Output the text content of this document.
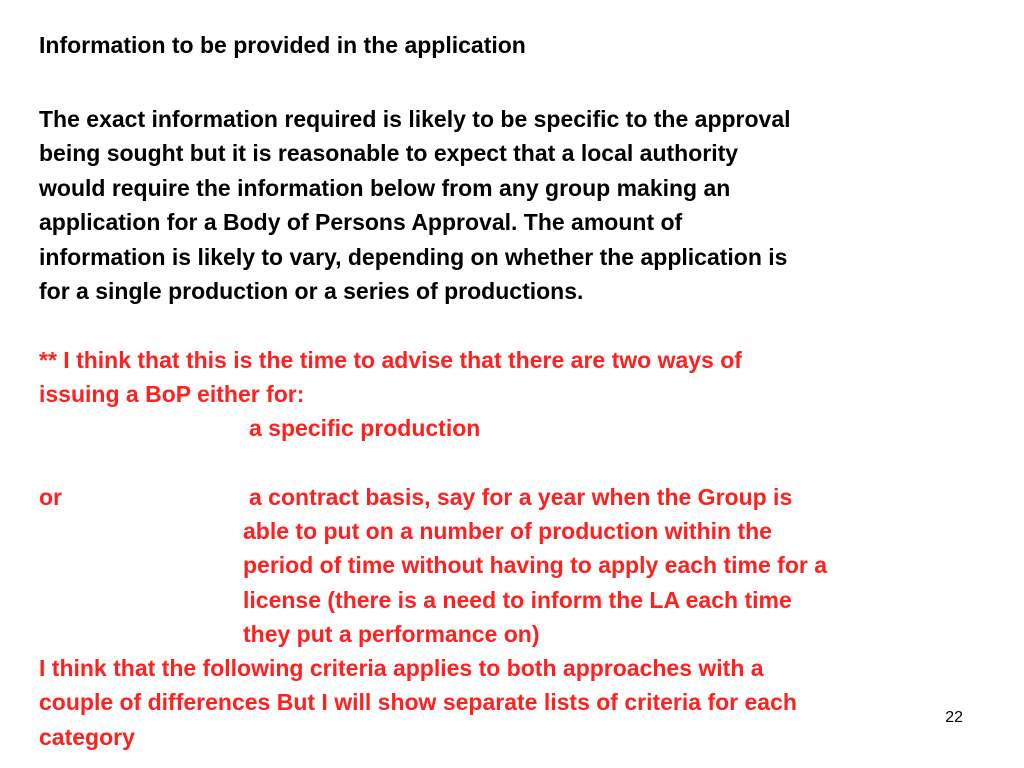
Information to be provided in the application
The exact information required is likely to be specific to the approval
being sought but it is reasonable to expect that a local authority
would require the information below from any group making an
application for a Body of Persons Approval. The amount of
information is likely to vary, depending on whether the application is
for a single production or a series of productions.
** I think that this is the time to advise that there are two ways of
issuing a BoP either for:
a specific production
or	a contract basis, say for a year when the Group is
able to put on a number of production within the
period of time without having to apply each time for a
license (there is a need to inform the LA each time
they put a performance on)
I think that the following criteria applies to both approaches with a
couple of differences But I will show separate lists of criteria for each
category
22
